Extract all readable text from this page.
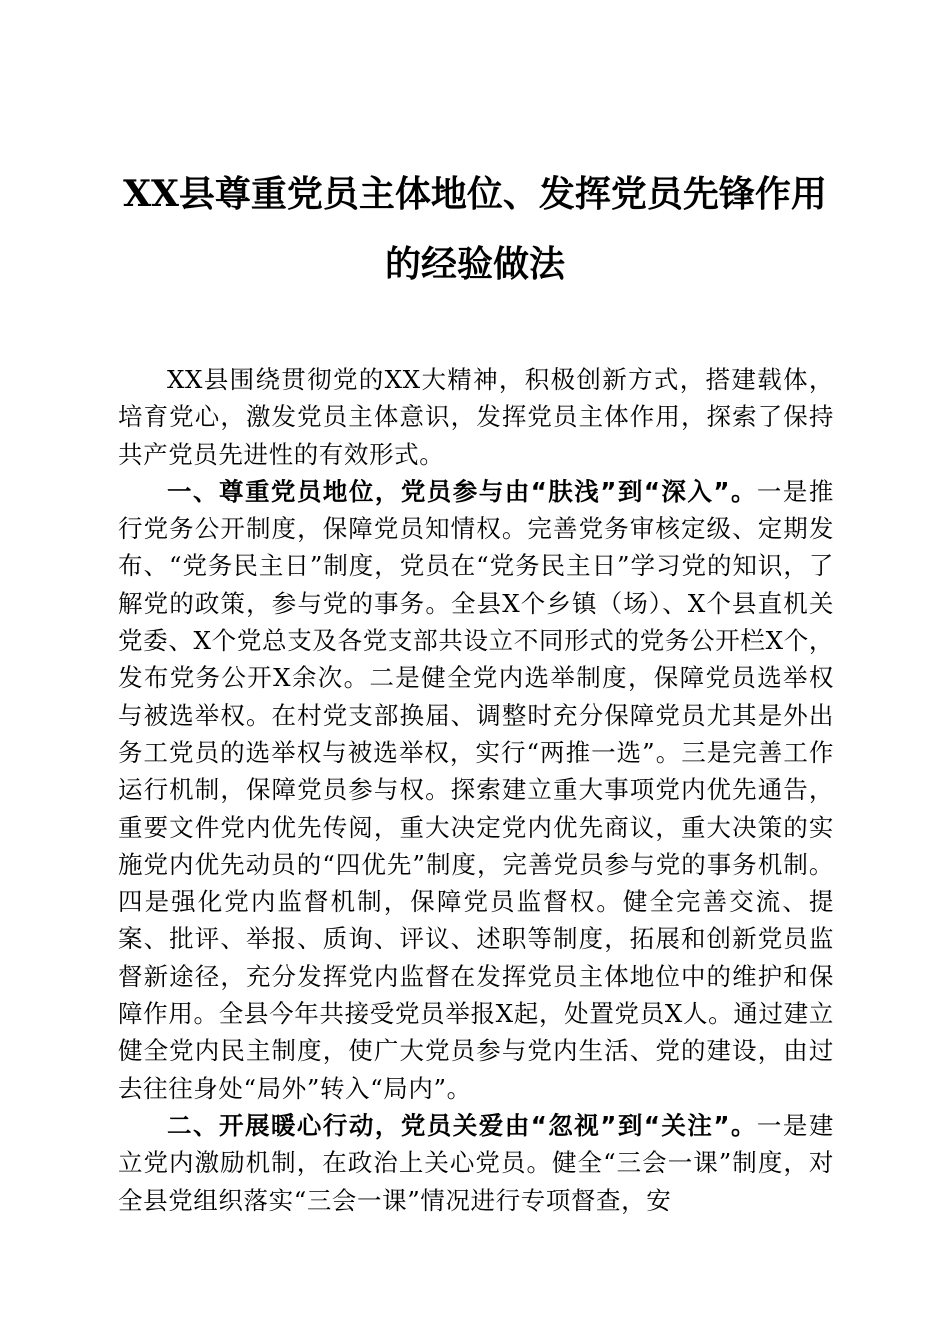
XX县尊重党员主体地位、发挥党员先锋作用
的经验做法

XX县围绕贯彻党的XX大精神，积极创新方式，搭建载体，培育党心，激发党员主体意识，发挥党员主体作用，探索了保持共产党员先进性的有效形式。

一、尊重党员地位，党员参与由“肤浅”到“深入”。一是推行党务公开制度，保障党员知情权。完善党务审核定级、定期发布、“党务民主日”制度，党员在“党务民主日”学习党的知识，了解党的政策，参与党的事务。全县X个乡镇（场）、X个县直机关党委、X个党总支及各党支部共设立不同形式的党务公开栏X个，发布党务公开X余次。二是健全党内选举制度，保障党员选举权与被选举权。在村党支部换届、调整时充分保障党员尤其是外出务工党员的选举权与被选举权，实行“两推一选”。三是完善工作运行机制，保障党员参与权。探索建立重大事项党内优先通告，重要文件党内优先传阅，重大决定党内优先商议，重大决策的实施党内优先动员的“四优先”制度，完善党员参与党的事务机制。四是强化党内监督机制，保障党员监督权。健全完善交流、提案、批评、举报、质询、评议、述职等制度，拓展和创新党员监督新途径，充分发挥党内监督在发挥党员主体地位中的维护和保障作用。全县今年共接受党员举报X起，处置党员X人。通过建立健全党内民主制度，使广大党员参与党内生活、党的建设，由过去往往身处“局外”转入“局内”。

二、开展暖心行动，党员关爱由“忽视”到“关注”。一是建立党内激励机制，在政治上关心党员。健全“三会一课”制度，对全县党组织落实“三会一课”情况进行专项督查，安
